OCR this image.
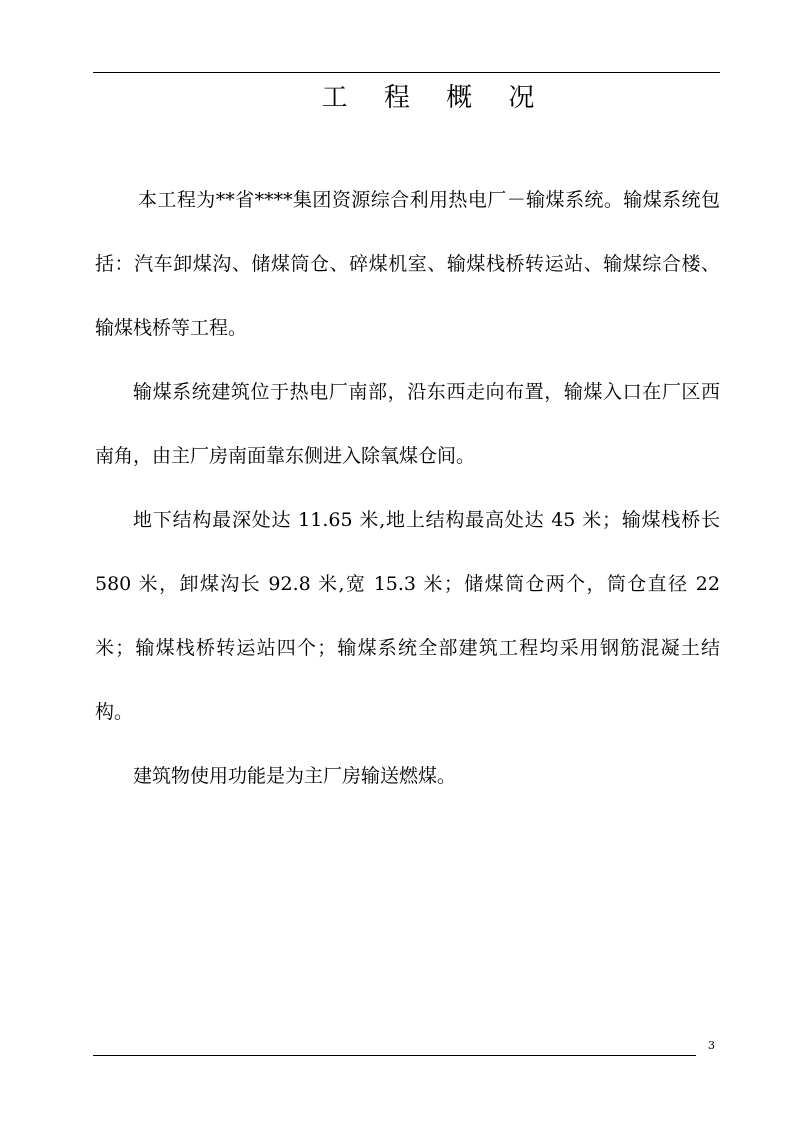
工 程 概 况

本工程为**省****集团资源综合利用热电厂－输煤系统。输煤系统包括：汽车卸煤沟、储煤筒仓、碎煤机室、输煤栈桥转运站、输煤综合楼、输煤栈桥等工程。

输煤系统建筑位于热电厂南部，沿东西走向布置，输煤入口在厂区西南角，由主厂房南面靠东侧进入除氧煤仓间。

地下结构最深处达 11.65 米,地上结构最高处达 45 米；输煤栈桥长 580 米，卸煤沟长 92.8 米,宽 15.3 米；储煤筒仓两个，筒仓直径 22 米；输煤栈桥转运站四个；输煤系统全部建筑工程均采用钢筋混凝土结构。

建筑物使用功能是为主厂房输送燃煤。

3
